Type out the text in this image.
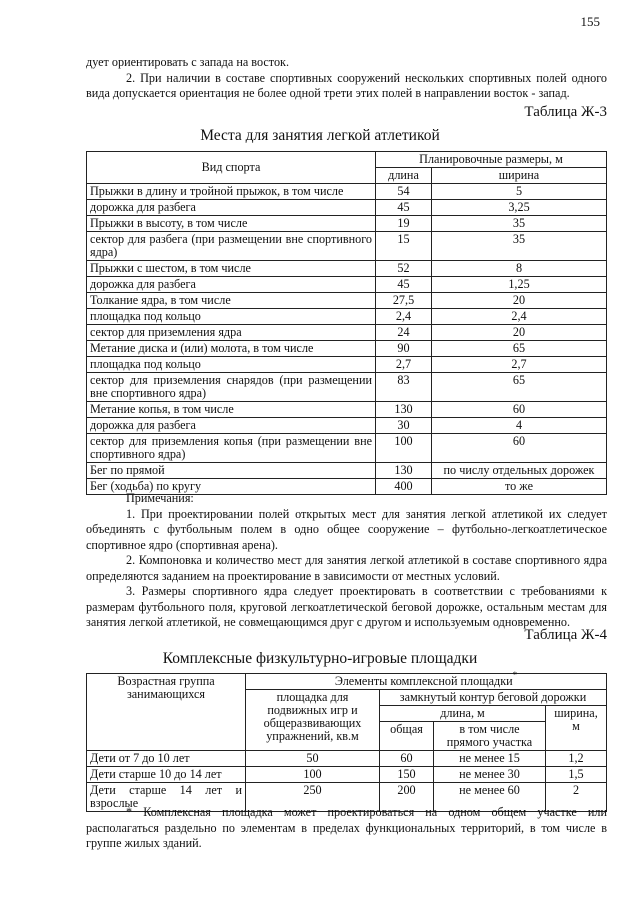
155
дует ориентировать с запада на восток.
2. При наличии в составе спортивных сооружений нескольких спортивных полей одного вида допускается ориентация не более одной трети этих полей в направлении восток - запад.
Таблица Ж-3
Места для занятия легкой атлетикой
Вид спорта	Планировочные размеры, м	
	длина	ширина
Прыжки в длину и тройной прыжок, в том числе	54	5
дорожка для разбега	45	3,25
Прыжки в высоту, в том числе	19	35
сектор для разбега (при размещении вне спортивного ядра)	15	35
Прыжки с шестом, в том числе	52	8
дорожка для разбега	45	1,25
Толкание ядра, в том числе	27,5	20
площадка под кольцо	2,4	2,4
сектор для приземления ядра	24	20
Метание диска и (или) молота, в том числе	90	65
площадка под кольцо	2,7	2,7
сектор для приземления снарядов (при размещении вне спортивного ядра)	83	65
Метание копья, в том числе	130	60
дорожка для разбега	30	4
сектор для приземления копья (при размещении вне спортивного ядра)	100	60
Бег по прямой	130	по числу отдельных дорожек
Бег (ходьба) по кругу	400	то же
Примечания:
1. При проектировании полей открытых мест для занятия легкой атлетикой их следует объединять с футбольным полем в одно общее сооружение – футбольно-легкоатлетическое спортивное ядро (спортивная арена).
2. Компоновка и количество мест для занятия легкой атлетикой в составе спортивного ядра определяются заданием на проектирование в зависимости от местных условий.
3. Размеры спортивного ядра следует проектировать в соответствии с требованиями к размерам футбольного поля, круговой легкоатлетической беговой дорожке, остальным местам для занятия легкой атлетикой, не совмещающимся друг с другом и используемым одновременно.
Таблица Ж-4
Комплексные физкультурно-игровые площадки
Возрастная группа занимающихся	Элементы комплексной площадки*
	площадка для подвижных игр и общеразвивающих упражнений, кв.м	замкнутый контур беговой дорожки		
		длина, м		ширина, м
		общая	в том числе прямого участка	
Дети от 7 до 10 лет	50	60	не менее 15	1,2
Дети старше 10 до 14 лет	100	150	не менее 30	1,5
Дети старше 14 лет и взрослые	250	200	не менее 60	2
* Комплексная площадка может проектироваться на одном общем участке или располагаться раздельно по элементам в пределах функциональных территорий, в том числе в группе жилых зданий.
